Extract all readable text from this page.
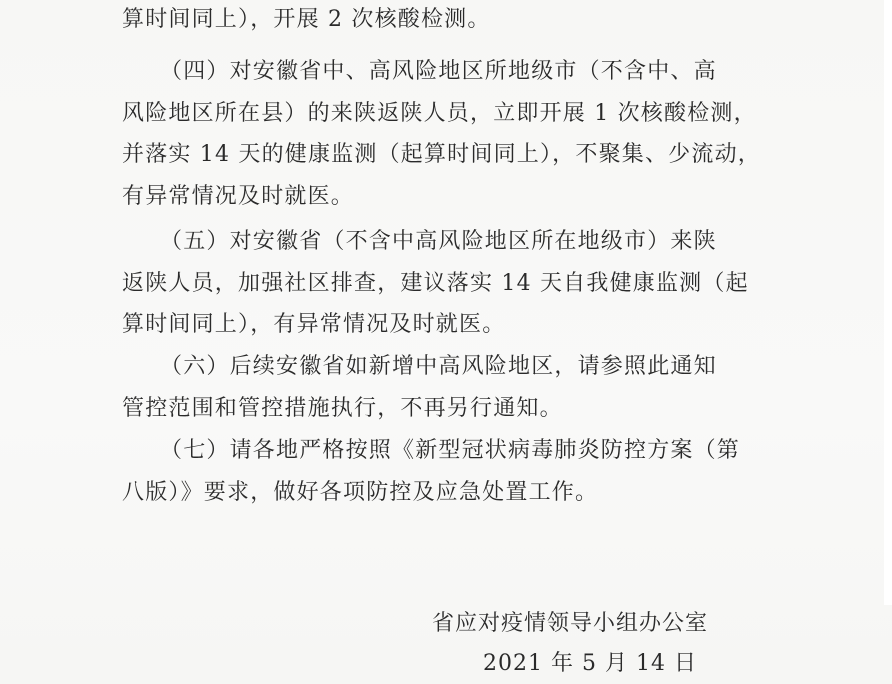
算时间同上），开展 2 次核酸检测。
（四）对安徽省中、高风险地区所地级市（不含中、高
风险地区所在县）的来陕返陕人员，立即开展 1 次核酸检测，
并落实 14 天的健康监测（起算时间同上），不聚集、少流动，
有异常情况及时就医。
（五）对安徽省（不含中高风险地区所在地级市）来陕
返陕人员，加强社区排查，建议落实 14 天自我健康监测（起
算时间同上），有异常情况及时就医。
（六）后续安徽省如新增中高风险地区，请参照此通知
管控范围和管控措施执行，不再另行通知。
（七）请各地严格按照《新型冠状病毒肺炎防控方案（第
八版）》要求，做好各项防控及应急处置工作。
省应对疫情领导小组办公室
2021 年 5 月 14 日
